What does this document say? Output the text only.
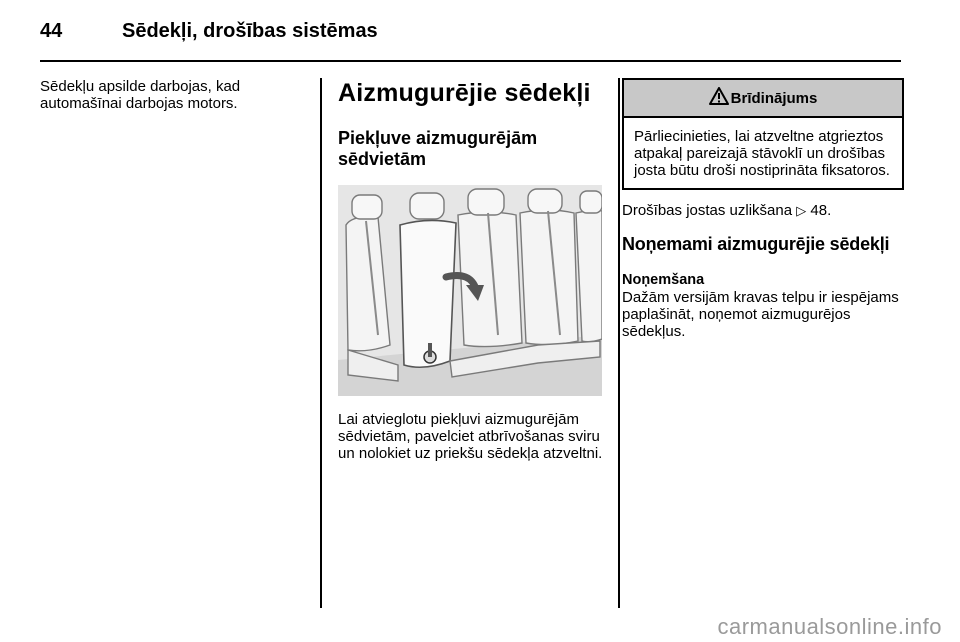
44	Sēdekļi, drošības sistēmas

Sēdekļu apsilde darbojas, kad automašīnai darbojas motors.	Aizmugurējie sēdekļi
Piekļuve aizmugurējām sēdvietām

Lai atvieglotu piekļuvi aizmugurējām sēdvietām, pavelciet atbrīvošanas sviru un nolokiet uz priekšu sēdekļa atzveltni.

Brīdinājums
Pārliecinieties, lai atzveltne atgrieztos atpakaļ pareizajā stāvoklī un drošības josta būtu droši nostiprināta fiksatoros.

Drošības jostas uzlikšana ▷ 48.

Noņemami aizmugurējie sēdekļi
Noņemšana

Dažām versijām kravas telpu ir iespējams paplašināt, noņemot aizmugurējos sēdekļus.

carmanualsonline.info
